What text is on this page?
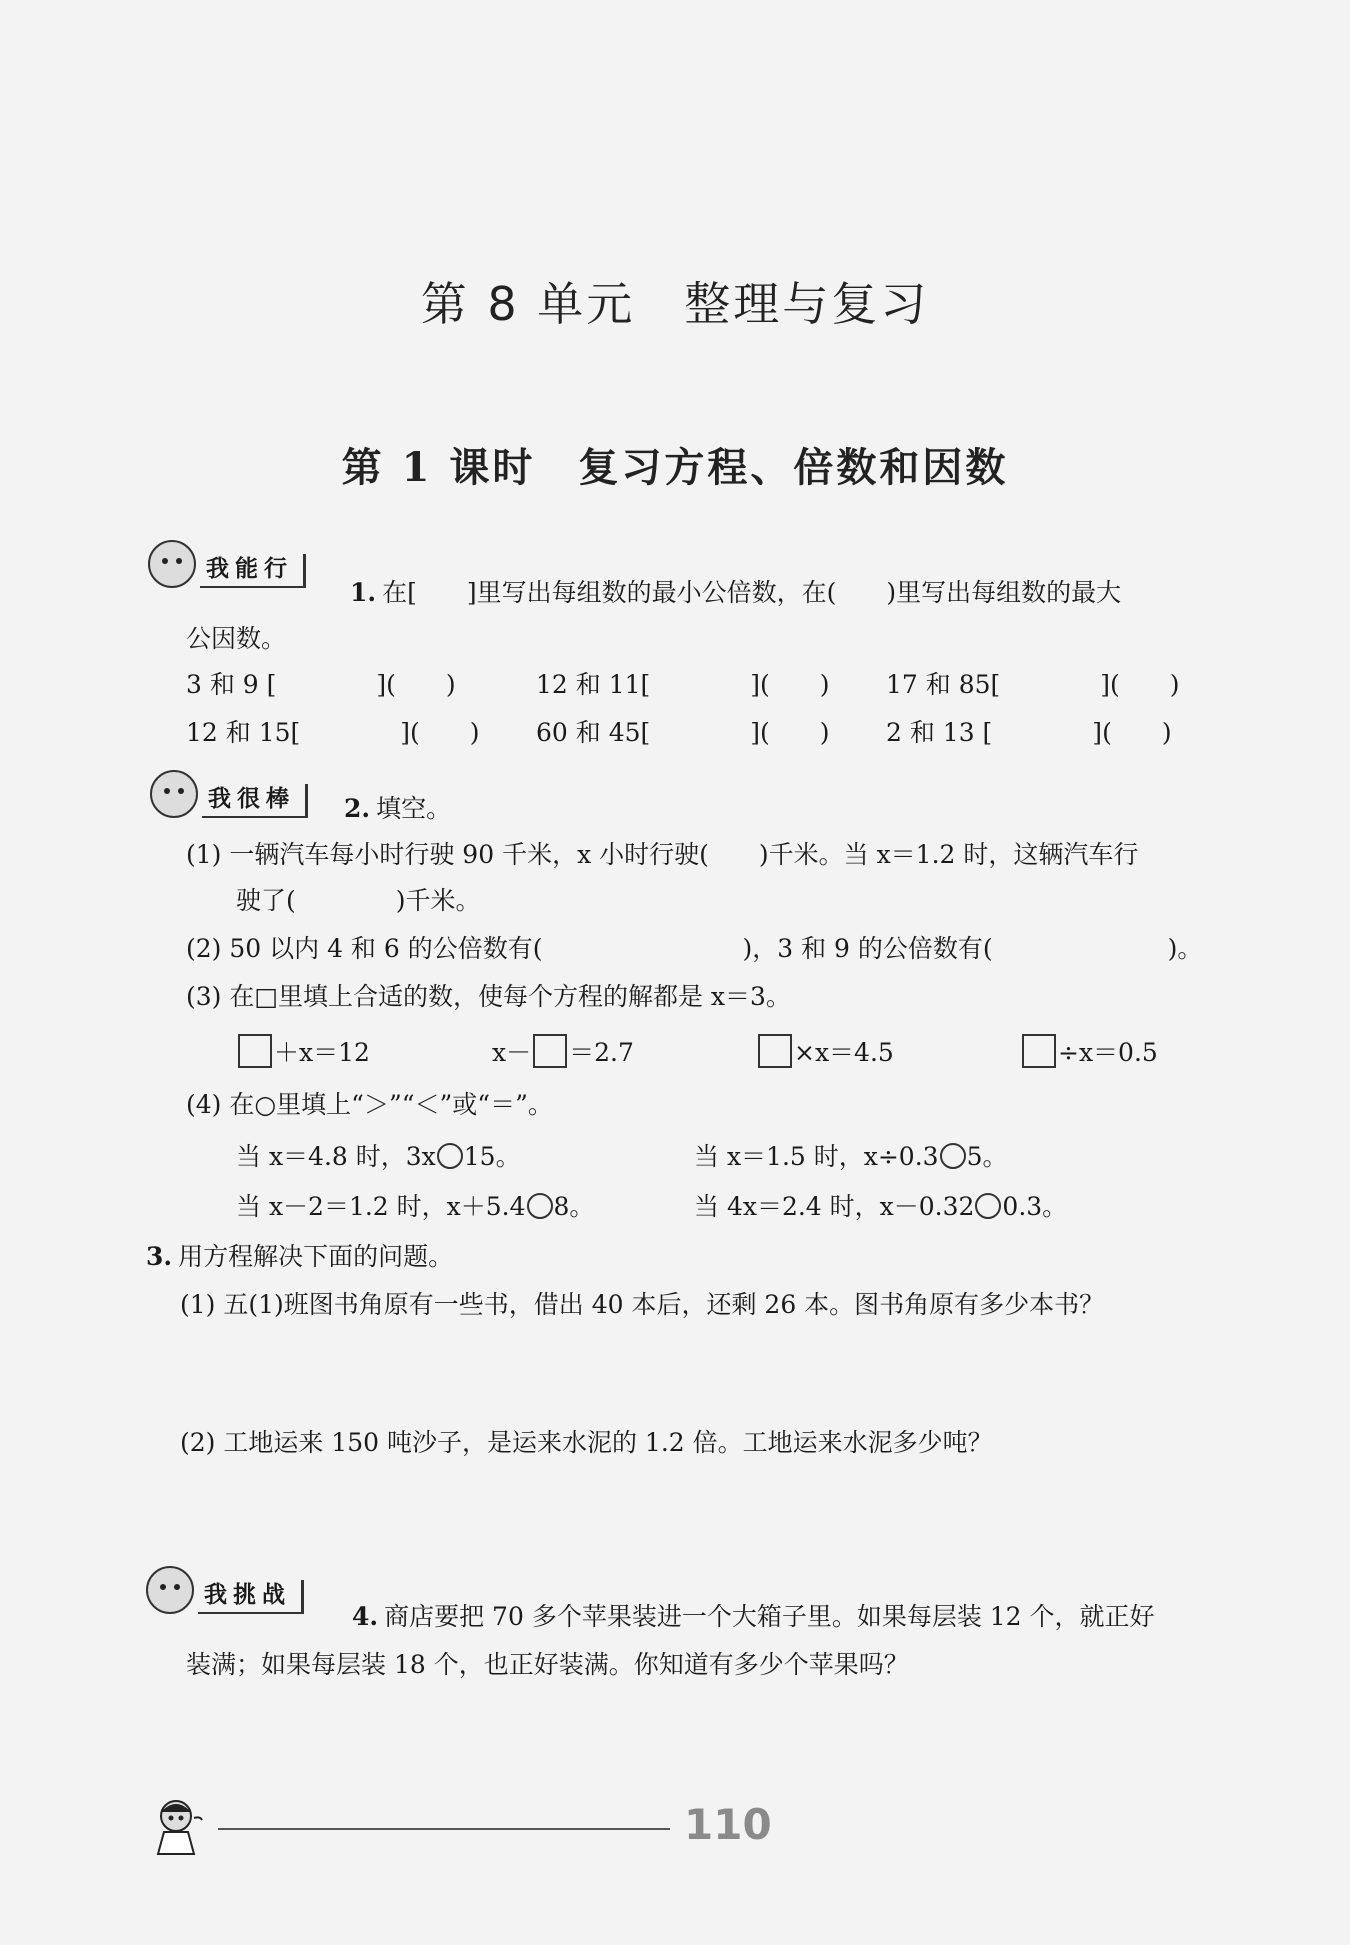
第 8 单元　整理与复习
第 1 课时　复习方程、倍数和因数
我能行
1. 在[　　]里写出每组数的最小公倍数，在(　　)里写出每组数的最大
公因数。
3 和 9 [　　　　](　　)	12 和 11[　　　　](　　) 17 和 85[　　　　](　　)
12 和 15[　　　　](　　) 60 和 45[　　　　](　　) 2 和 13 [　　　　](　　)
我很棒	2. 填空。
(1) 一辆汽车每小时行驶 90 千米，x 小时行驶(　　)千米。当 x＝1.2 时，这辆汽车行
驶了(　　　　)千米。
(2) 50 以内 4 和 6 的公倍数有(　　　　　　　　)，3 和 9 的公倍数有(　　　　　　　)。
(3) 在□里填上合适的数，使每个方程的解都是 x＝3。
＋x＝12	x－ ＝2.7	×x＝4.5	÷x＝0.5
(4) 在○里填上“＞”“＜”或“＝”。
当 x＝4.8 时，3x 15。	当 x＝1.5 时，x÷0.3 5。
当 x－2＝1.2 时，x＋5.4 8。	当 4x＝2.4 时，x－0.32 0.3。
3. 用方程解决下面的问题。
(1) 五(1)班图书角原有一些书，借出 40 本后，还剩 26 本。图书角原有多少本书？
(2) 工地运来 150 吨沙子，是运来水泥的 1.2 倍。工地运来水泥多少吨？
我挑战
4. 商店要把 70 多个苹果装进一个大箱子里。如果每层装 12 个，就正好
装满；如果每层装 18 个，也正好装满。你知道有多少个苹果吗？
110
